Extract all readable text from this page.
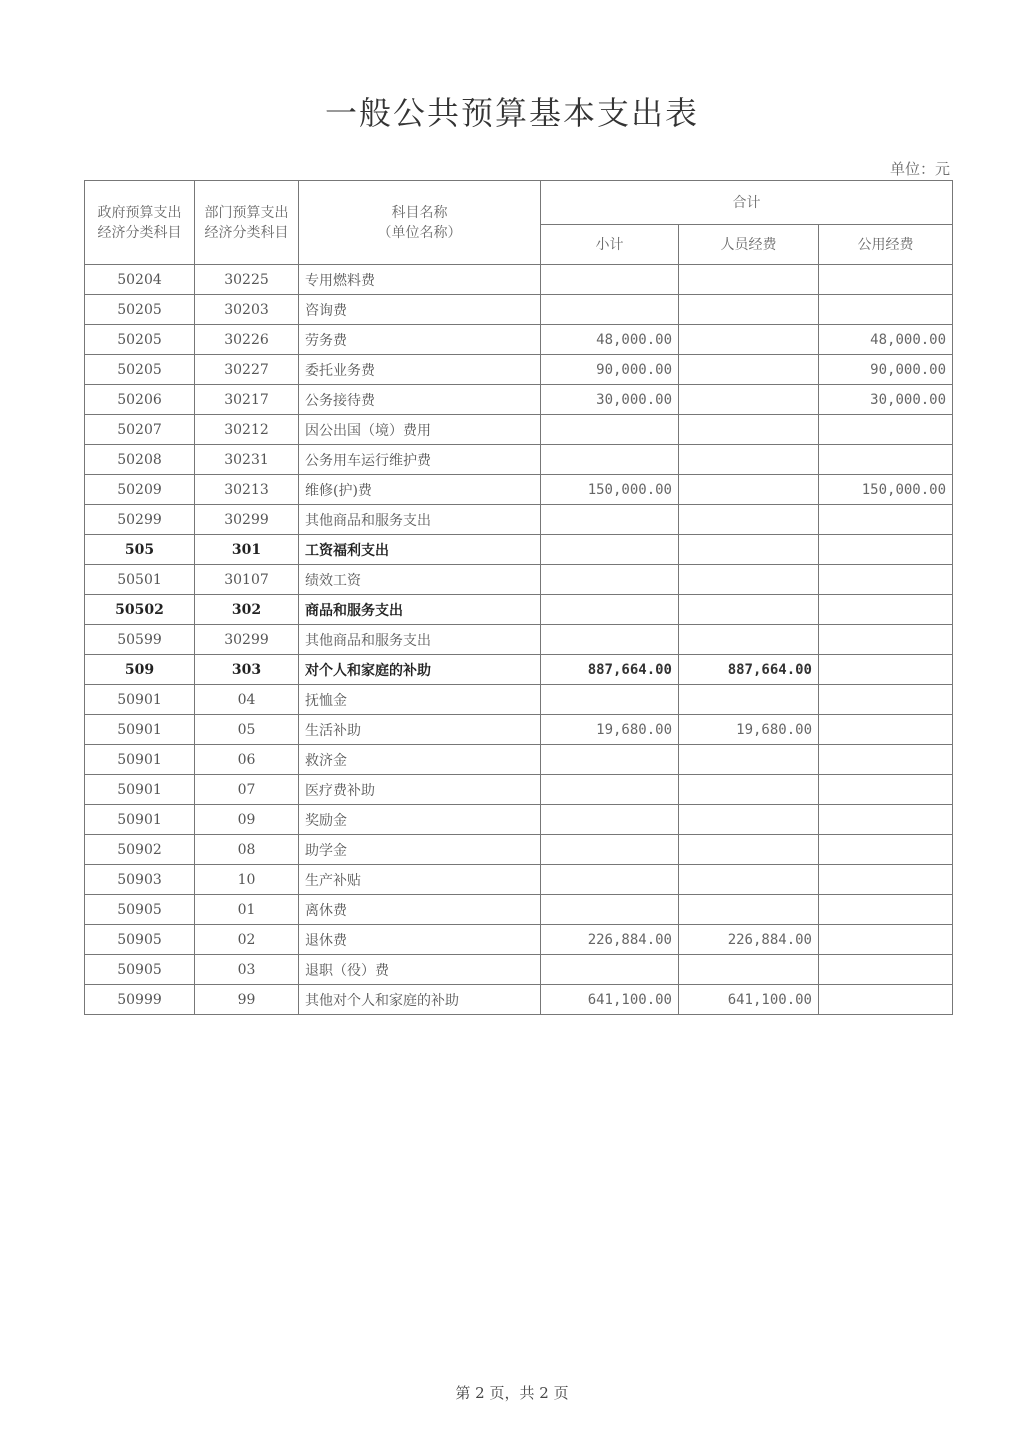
一般公共预算基本支出表
单位：元
政府预算支出经济分类科目	部门预算支出经济分类科目	科目名称
（单位名称）	合计		
			小计	人员经费	公用经费
50204	30225	专用燃料费			
50205	30203	咨询费			
50205	30226	劳务费	48,000.00		48,000.00
50205	30227	委托业务费	90,000.00		90,000.00
50206	30217	公务接待费	30,000.00		30,000.00
50207	30212	因公出国（境）费用			
50208	30231	公务用车运行维护费			
50209	30213	维修(护)费	150,000.00		150,000.00
50299	30299	其他商品和服务支出			
505	301	工资福利支出			
50501	30107	绩效工资			
50502	302	商品和服务支出			
50599	30299	其他商品和服务支出			
509	303	对个人和家庭的补助	887,664.00	887,664.00	
50901	04	抚恤金			
50901	05	生活补助	19,680.00	19,680.00	
50901	06	救济金			
50901	07	医疗费补助			
50901	09	奖励金			
50902	08	助学金			
50903	10	生产补贴			
50905	01	离休费			
50905	02	退休费	226,884.00	226,884.00	
50905	03	退职（役）费			
50999	99	其他对个人和家庭的补助	641,100.00	641,100.00	
第 2 页，共 2 页
